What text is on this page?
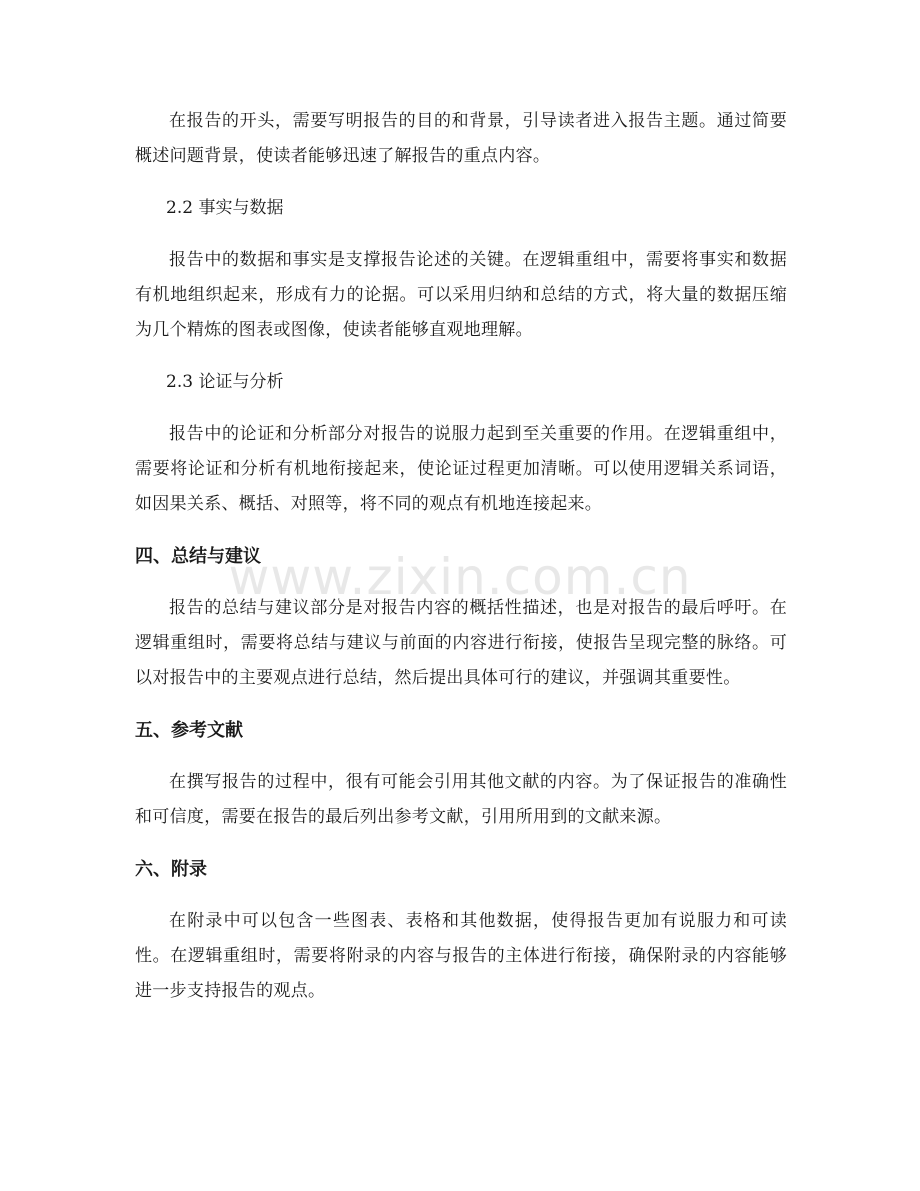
在报告的开头，需要写明报告的目的和背景，引导读者进入报告主题。通过简要概述问题背景，使读者能够迅速了解报告的重点内容。

2.2 事实与数据

报告中的数据和事实是支撑报告论述的关键。在逻辑重组中，需要将事实和数据有机地组织起来，形成有力的论据。可以采用归纳和总结的方式，将大量的数据压缩为几个精炼的图表或图像，使读者能够直观地理解。

2.3 论证与分析

报告中的论证和分析部分对报告的说服力起到至关重要的作用。在逻辑重组中，需要将论证和分析有机地衔接起来，使论证过程更加清晰。可以使用逻辑关系词语，如因果关系、概括、对照等，将不同的观点有机地连接起来。

四、总结与建议

报告的总结与建议部分是对报告内容的概括性描述，也是对报告的最后呼吁。在逻辑重组时，需要将总结与建议与前面的内容进行衔接，使报告呈现完整的脉络。可以对报告中的主要观点进行总结，然后提出具体可行的建议，并强调其重要性。

五、参考文献

在撰写报告的过程中，很有可能会引用其他文献的内容。为了保证报告的准确性和可信度，需要在报告的最后列出参考文献，引用所用到的文献来源。

六、附录

在附录中可以包含一些图表、表格和其他数据，使得报告更加有说服力和可读性。在逻辑重组时，需要将附录的内容与报告的主体进行衔接，确保附录的内容能够进一步支持报告的观点。

www.zixin.com.cn
